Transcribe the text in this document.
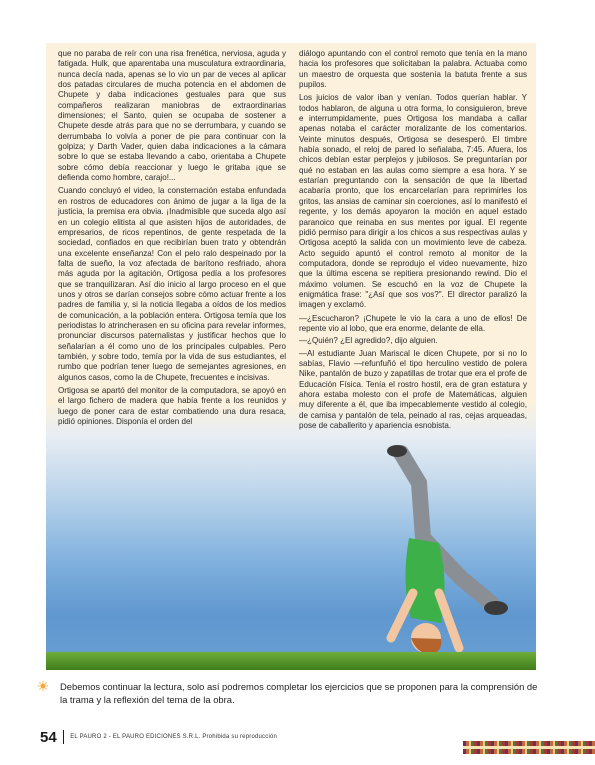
que no paraba de reír con una risa frenética, nerviosa, aguda y fatigada. Hulk, que aparentaba una musculatura extraordinaria, nunca decía nada, apenas se lo vio un par de veces al aplicar dos patadas circulares de mucha potencia en el abdomen de Chupete y daba indicaciones gestuales para que sus compañeros realizaran maniobras de extraordinarias dimensiones; el Santo, quien se ocupaba de sostener a Chupete desde atrás para que no se derrumbara, y cuando se derrumbaba lo volvía a poner de pie para continuar con la golpiza; y Darth Vader, quien daba indicaciones a la cámara sobre lo que se estaba llevando a cabo, orientaba a Chupete sobre cómo debía reaccionar y luego le gritaba ¡que se defienda como hombre, carajo!...

Cuando concluyó el video, la consternación estaba enfundada en rostros de educadores con ánimo de jugar a la liga de la justicia, la premisa era obvia. ¡Inadmisible que suceda algo así en un colegio elitista al que asisten hijos de autoridades, de empresarios, de ricos repentinos, de gente respetada de la sociedad, confiados en que recibirían buen trato y obtendrán una excelente enseñanza! Con el pelo ralo despeinado por la falta de sueño, la voz afectada de barítono resfriado, ahora más aguda por la agitación, Ortigosa pedía a los profesores que se tranquilizaran. Así dio inicio al largo proceso en el que unos y otros se darían consejos sobre cómo actuar frente a los padres de familia y, si la noticia llegaba a oídos de los medios de comunicación, a la población entera. Ortigosa temía que los periodistas lo atrincherasen en su oficina para revelar informes, pronunciar discursos paternalistas y justificar hechos que lo señalarían a él como uno de los principales culpables. Pero también, y sobre todo, temía por la vida de sus estudiantes, el rumbo que podrían tener luego de semejantes agresiones, en algunos casos, como la de Chupete, frecuentes e incisivas.

Ortigosa se apartó del monitor de la computadora, se apoyó en el largo fichero de madera que había frente a los reunidos y luego de poner cara de estar combatiendo una dura resaca, pidió opiniones. Disponía el orden del

diálogo apuntando con el control remoto que tenía en la mano hacia los profesores que solicitaban la palabra. Actuaba como un maestro de orquesta que sostenía la batuta frente a sus pupilos.

Los juicios de valor iban y venían. Todos querían hablar. Y todos hablaron, de alguna u otra forma, lo consiguieron, breve e interrumpidamente, pues Ortigosa los mandaba a callar apenas notaba el carácter moralizante de los comentarios. Veinte minutos después, Ortigosa se desesperó. El timbre había sonado, el reloj de pared lo señalaba, 7:45. Afuera, los chicos debían estar perplejos y jubilosos. Se preguntarían por qué no estaban en las aulas como siempre a esa hora. Y se estarían preguntando con la sensación de que la libertad acabaría pronto, que los encarcelarían para reprimirles los gritos, las ansias de caminar sin coerciones, así lo manifestó el regente, y los demás apoyaron la moción en aquel estado paranoico que reinaba en sus mentes por igual. El regente pidió permiso para dirigir a los chicos a sus respectivas aulas y Ortigosa aceptó la salida con un movimiento leve de cabeza. Acto seguido apuntó el control remoto al monitor de la computadora, donde se reprodujo el video nuevamente, hizo que la última escena se repitiera presionando rewind. Dio el máximo volumen. Se escuchó en la voz de Chupete la enigmática frase: "¿Así que sos vos?". El director paralizó la imagen y exclamó.

—¿Escucharon? ¡Chupete le vio la cara a uno de ellos! De repente vio al lobo, que era enorme, delante de ella.

—¿Quién? ¿El agredido?, dijo alguien.

—Al estudiante Juan Mariscal le dicen Chupete, por si no lo sabías, Flavio —refunfuñó el tipo herculino vestido de polera Nike, pantalón de buzo y zapatillas de trotar que era el profe de Educación Física. Tenía el rostro hostil, era de gran estatura y ahora estaba molesto con el profe de Matemáticas, alguien muy diferente a él, que iba impecablemente vestido al colegio, de camisa y pantalón de tela, peinado al ras, cejas arqueadas, pose de caballerito y apariencia esnobista.

Debemos continuar la lectura, solo así podremos completar los ejercicios que se proponen para la comprensión de la trama y la reflexión del tema de la obra.
54 EL PAURO 2 - EL PAURO EDICIONES S.R.L. Prohibida su reproducción
